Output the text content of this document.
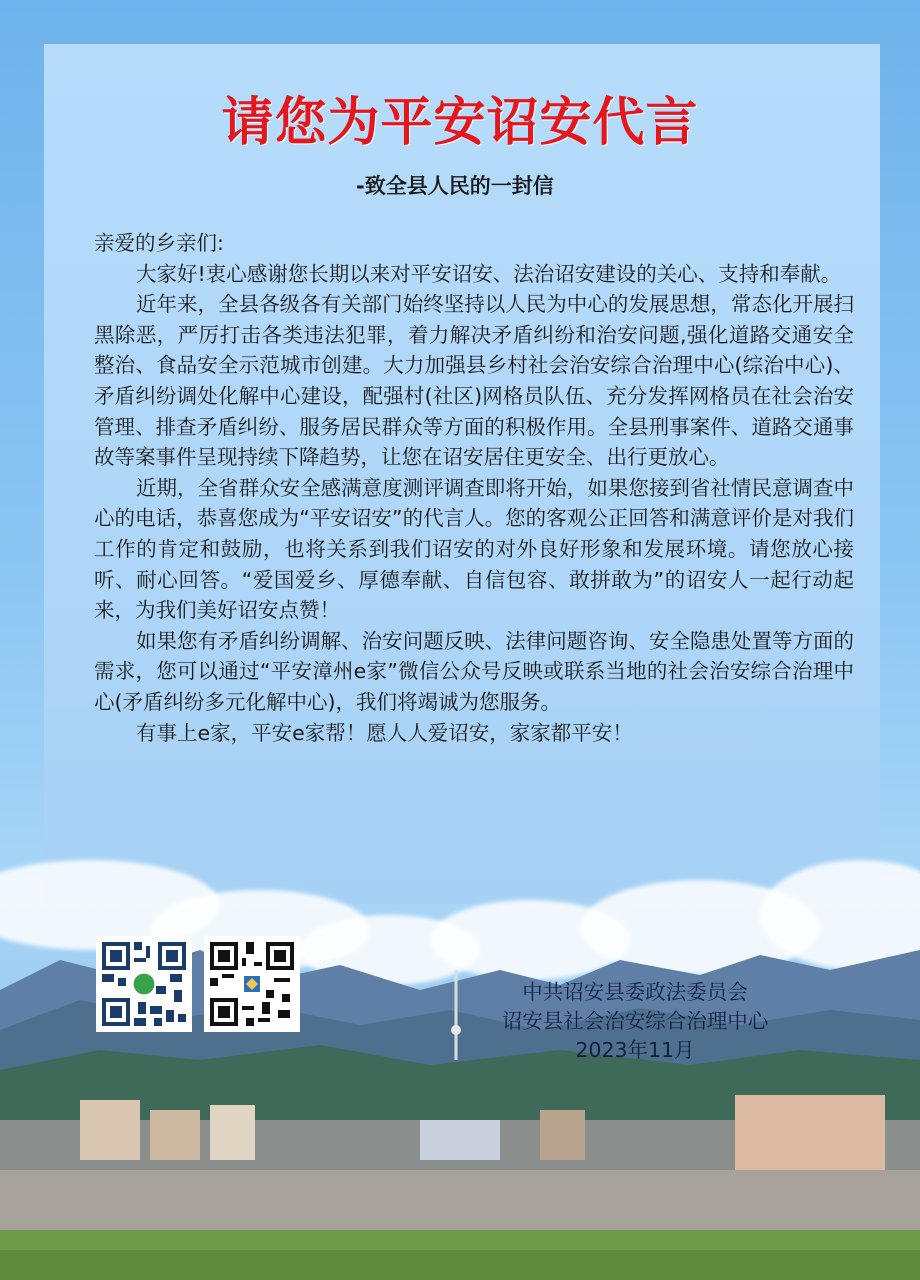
请您为平安诏安代言
-致全县人民的一封信

亲爱的乡亲们:

大家好!衷心感谢您长期以来对平安诏安、法治诏安建设的关心、支持和奉献。

近年来，全县各级各有关部门始终坚持以人民为中心的发展思想，常态化开展扫黑除恶，严厉打击各类违法犯罪，着力解决矛盾纠纷和治安问题,强化道路交通安全整治、食品安全示范城市创建。大力加强县乡村社会治安综合治理中心(综治中心)、矛盾纠纷调处化解中心建设，配强村(社区)网格员队伍、充分发挥网格员在社会治安管理、排查矛盾纠纷、服务居民群众等方面的积极作用。全县刑事案件、道路交通事故等案事件呈现持续下降趋势，让您在诏安居住更安全、出行更放心。

近期，全省群众安全感满意度测评调查即将开始，如果您接到省社情民意调查中心的电话，恭喜您成为“平安诏安”的代言人。您的客观公正回答和满意评价是对我们工作的肯定和鼓励，也将关系到我们诏安的对外良好形象和发展环境。请您放心接听、耐心回答。“爱国爱乡、厚德奉献、自信包容、敢拼敢为”的诏安人一起行动起来，为我们美好诏安点赞！

如果您有矛盾纠纷调解、治安问题反映、法律问题咨询、安全隐患处置等方面的需求，您可以通过“平安漳州e家”微信公众号反映或联系当地的社会治安综合治理中心(矛盾纠纷多元化解中心)，我们将竭诚为您服务。

有事上e家，平安e家帮！愿人人爱诏安，家家都平安！

中共诏安县委政法委员会
诏安县社会治安综合治理中心
2023年11月
